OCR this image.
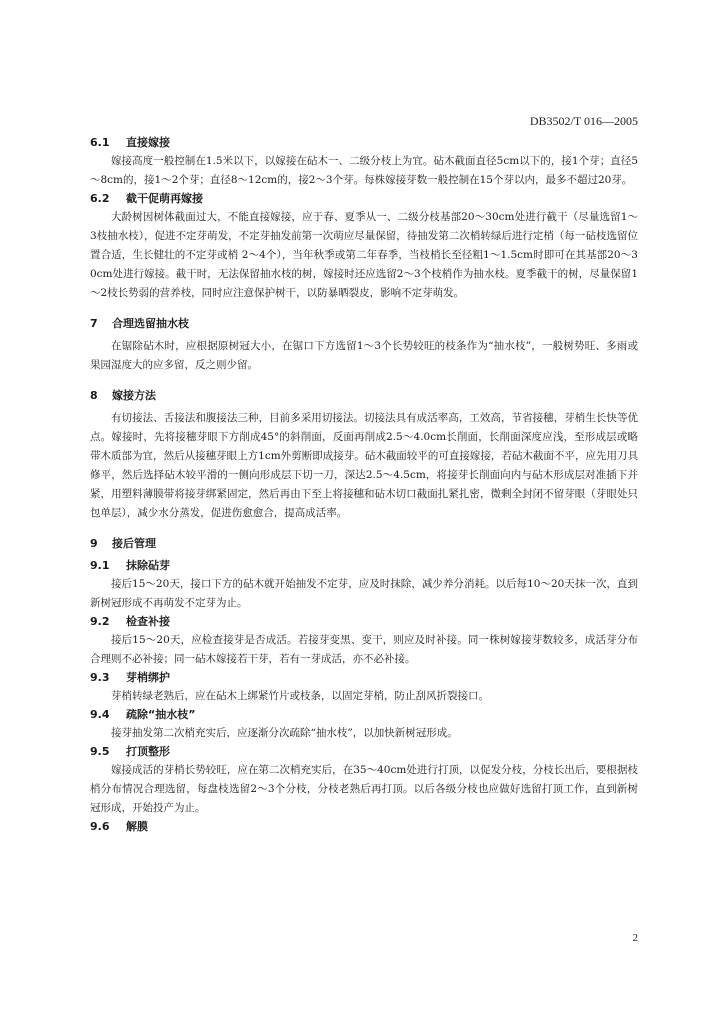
DB3502/T 016—2005
6.1 直接嫁接

嫁接高度一般控制在1.5米以下，以嫁接在砧木一、二级分枝上为宜。砧木截面直径5cm以下的，接1个芽；直径5～8cm的，接1～2个芽；直径8～12cm的，接2～3个芽。每株嫁接芽数一般控制在15个芽以内，最多不超过20芽。

6.2 截干促萌再嫁接

大龄树因树体截面过大，不能直接嫁接，应于春、夏季从一、二级分枝基部20～30cm处进行截干（尽量选留1～3枝抽水枝），促进不定芽萌发，不定芽抽发前第一次萌应尽量保留，待抽发第二次梢转绿后进行定梢（每一砧枝选留位置合适，生长健壮的不定芽或梢 2～4个），当年秋季或第二年春季，当枝梢长至径粗1～1.5cm时即可在其基部20～30cm处进行嫁接。截干时，无法保留抽水枝的树，嫁接时还应选留2～3个枝梢作为抽水枝。夏季截干的树，尽量保留1～2枝长势弱的营养枝，同时应注意保护树干，以防暴晒裂皮，影响不定芽萌发。

7 合理选留抽水枝

在锯除砧木时，应根据原树冠大小，在锯口下方选留1～3个长势较旺的枝条作为“抽水枝”，一般树势旺、多雨或果园湿度大的应多留，反之则少留。

8 嫁接方法

有切接法、舌接法和腹接法三种，目前多采用切接法。切接法具有成活率高，工效高，节省接穗，芽梢生长快等优点。嫁接时，先将接穗芽眼下方削成45°的斜削面，反面再削成2.5～4.0cm长削面，长削面深度应浅，至形成层或略带木质部为宜，然后从接穗芽眼上方1cm外剪断即成接芽。砧木截面较平的可直接嫁接，若砧木截面不平，应先用刀具修平，然后选择砧木较平滑的一侧向形成层下切一刀，深达2.5～4.5cm，将接芽长削面向内与砧木形成层对准插下并紧，用塑料薄膜带将接芽绑紧固定，然后再由下至上将接穗和砧木切口截面扎紧扎密，微剩全封闭不留芽眼（芽眼处只包单层），减少水分蒸发，促进伤愈愈合，提高成活率。

9 接后管理
9.1 抹除砧芽

接后15～20天，接口下方的砧木就开始抽发不定芽，应及时抹除，减少养分消耗。以后每10～20天抹一次，直到新树冠形成不再萌发不定芽为止。

9.2 检查补接

接后15～20天，应检查接芽是否成活。若接芽变黑、变干，则应及时补接。同一株树嫁接芽数较多，成活芽分布合理则不必补接；同一砧木嫁接若干芽，若有一芽成活，亦不必补接。

9.3 芽梢绑护

芽梢转绿老熟后，应在砧木上绑紧竹片或枝条，以固定芽梢，防止刮风折裂接口。

9.4 疏除“抽水枝”

接芽抽发第二次梢充实后，应逐渐分次疏除“抽水枝”，以加快新树冠形成。

9.5 打顶整形

嫁接成活的芽梢长势较旺，应在第二次梢充实后，在35～40cm处进行打顶，以促发分枝，分枝长出后，要根据枝梢分布情况合理选留，每盘枝选留2～3个分枝，分枝老熟后再打顶。以后各级分枝也应做好选留打顶工作，直到新树冠形成，开始投产为止。

9.6 解膜
2
